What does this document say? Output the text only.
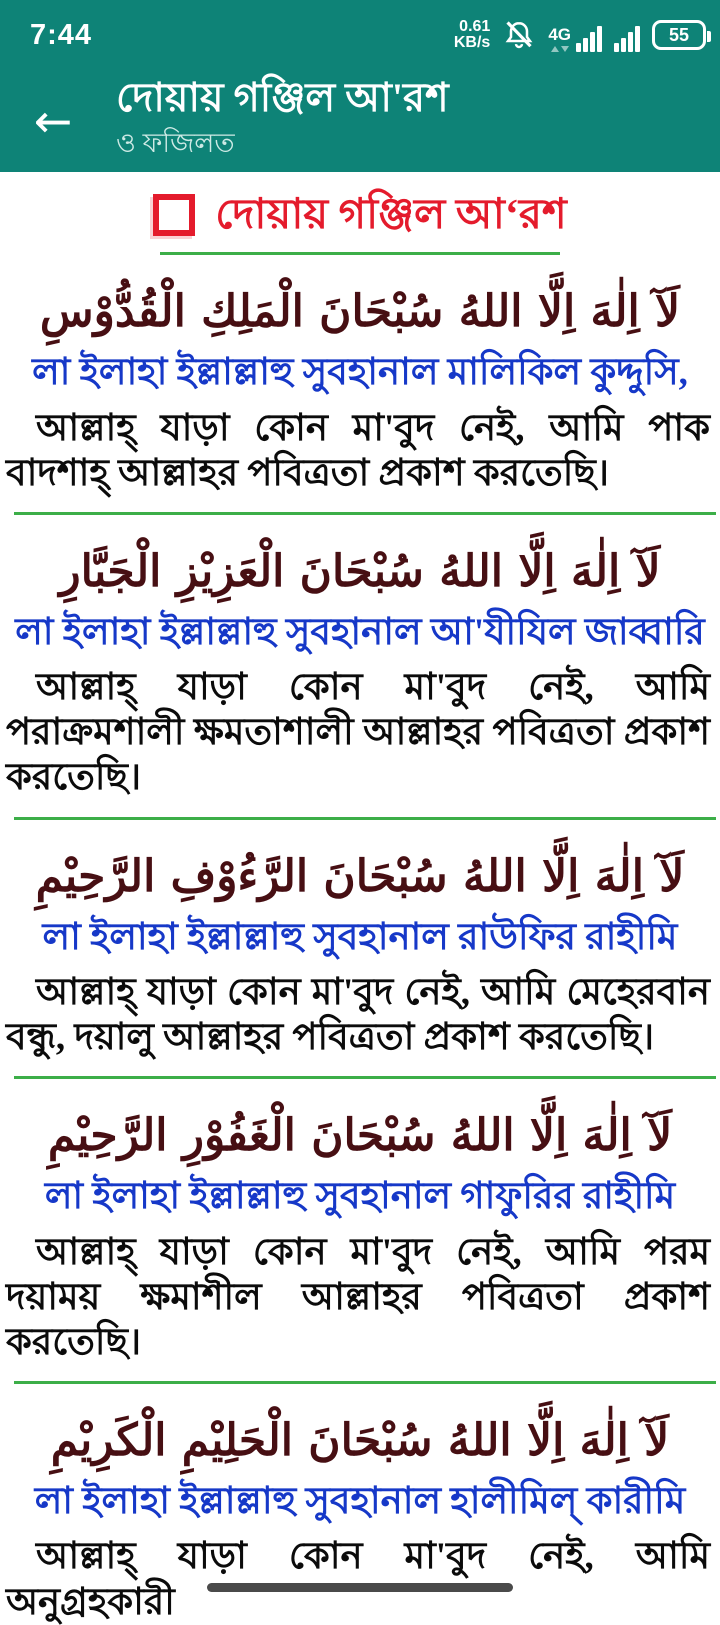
7:44	0.61
KB/s	4G	55
← দোয়ায় গঞ্জিল আ'রশ
ও ফজিলত
দোয়ায় গঞ্জিল আ‘রশ

لَآ اِلٰهَ اِلَّا اللهُ سُبْحَانَ الْمَلِكِ الْقُدُّوْسِ

লা ইলাহা ইল্লাল্লাহু সুবহানাল মালিকিল কুদ্দুসি,

আল্লাহ্ যাড়া কোন মা'বুদ নেই, আমি পাক বাদশাহ্ আল্লাহর পবিত্রতা প্রকাশ করতেছি।

لَآ اِلٰهَ اِلَّا اللهُ سُبْحَانَ الْعَزِيْزِ الْجَبَّارِ

লা ইলাহা ইল্লাল্লাহু সুবহানাল আ'যীযিল জাব্বারি

আল্লাহ্ যাড়া কোন মা'বুদ নেই, আমি পরাক্রমশালী ক্ষমতাশালী আল্লাহর পবিত্রতা প্রকাশ করতেছি।

لَآ اِلٰهَ اِلَّا اللهُ سُبْحَانَ الرَّءُوْفِ الرَّحِيْمِ

লা ইলাহা ইল্লাল্লাহু সুবহানাল রাউফির রাহীমি

আল্লাহ্ যাড়া কোন মা'বুদ নেই, আমি মেহেরবান বন্ধু, দয়ালু আল্লাহর পবিত্রতা প্রকাশ করতেছি।

لَآ اِلٰهَ اِلَّا اللهُ سُبْحَانَ الْغَفُوْرِ الرَّحِيْمِ

লা ইলাহা ইল্লাল্লাহু সুবহানাল গাফুরির রাহীমি

আল্লাহ্ যাড়া কোন মা'বুদ নেই, আমি পরম দয়াময় ক্ষমাশীল আল্লাহর পবিত্রতা প্রকাশ করতেছি।

لَآ اِلٰهَ اِلَّا اللهُ سُبْحَانَ الْحَلِيْمِ الْكَرِيْمِ

লা ইলাহা ইল্লাল্লাহু সুবহানাল হালীমিল্ কারীমি

আল্লাহ্ যাড়া কোন মা'বুদ নেই, আমি অনুগ্রহকারী
